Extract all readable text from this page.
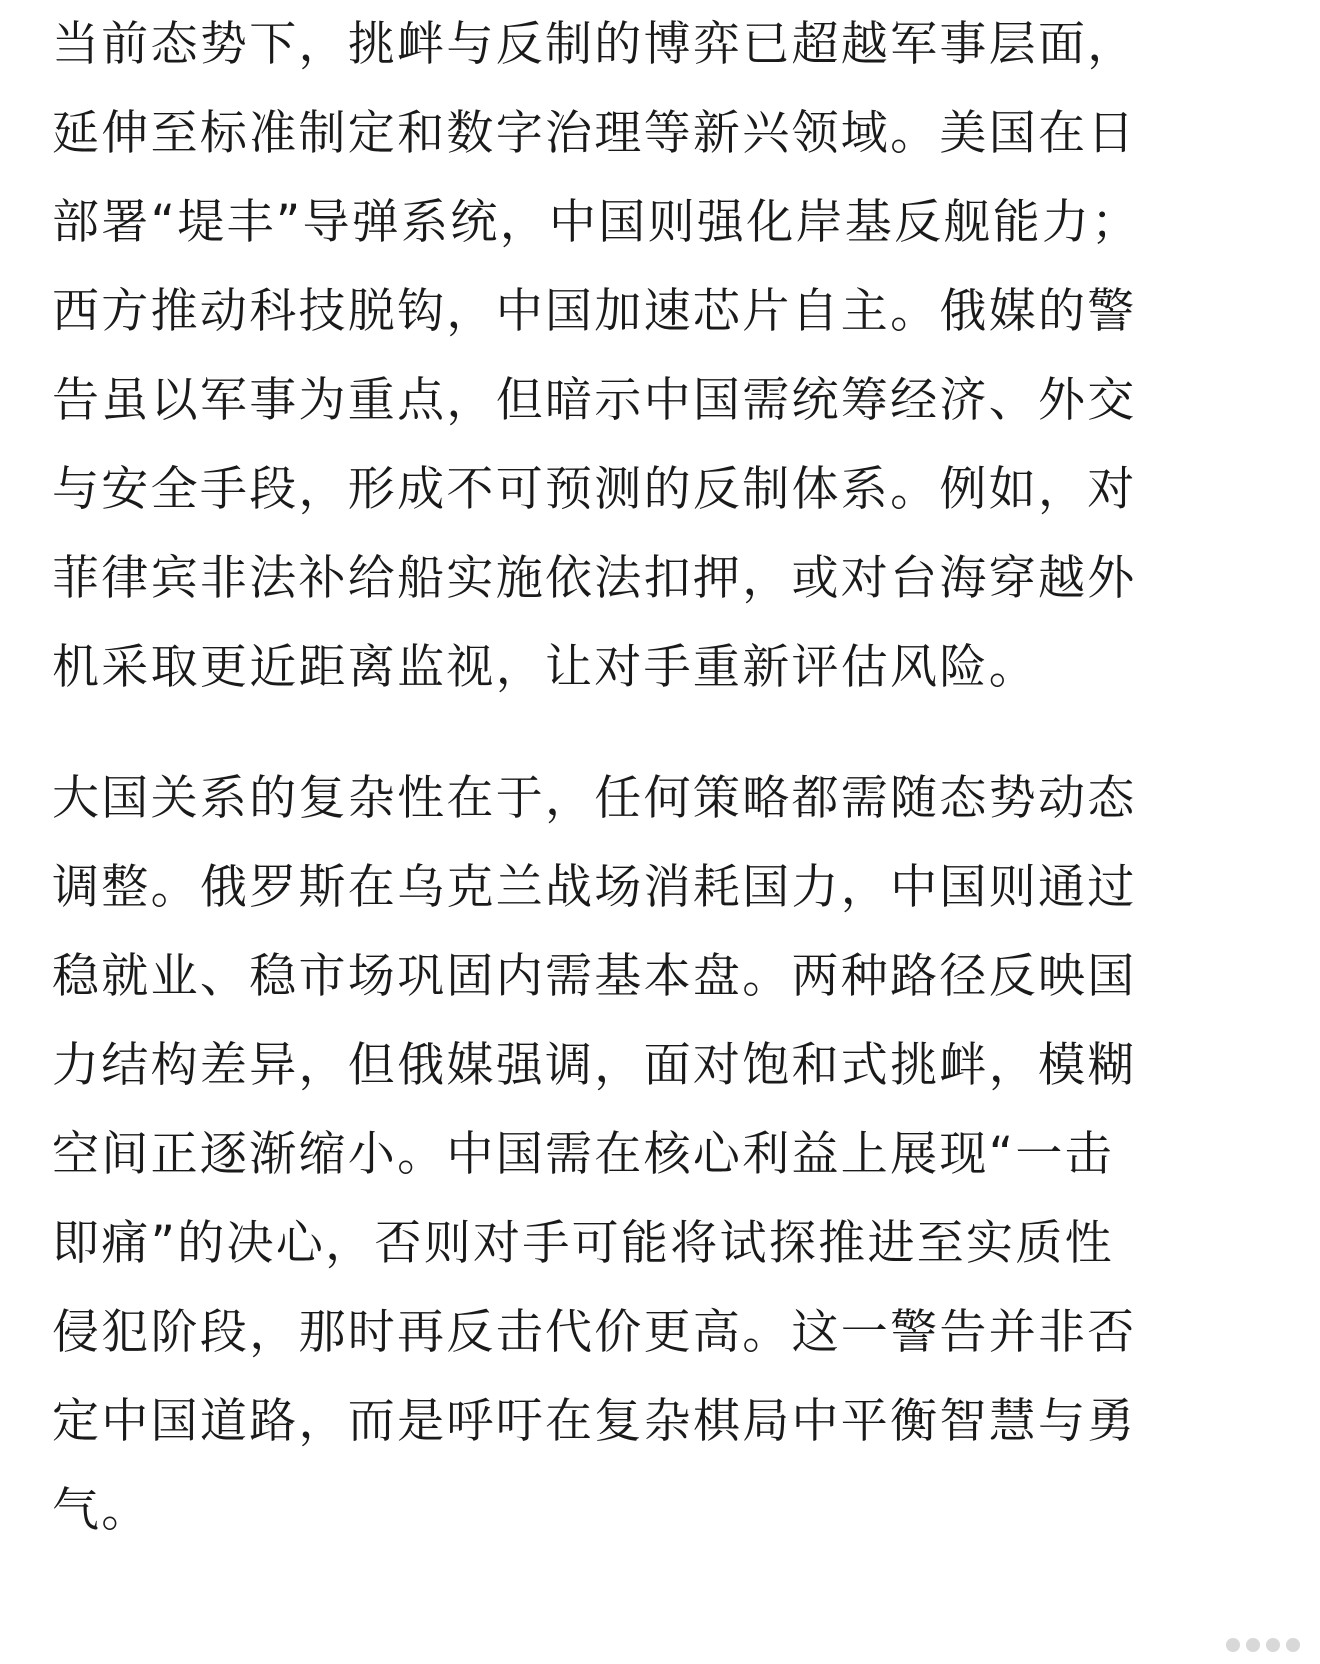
当前态势下，挑衅与反制的博弈已超越军事层面，
延伸至标准制定和数字治理等新兴领域。美国在日
部署“堤丰”导弹系统，中国则强化岸基反舰能力；
西方推动科技脱钩，中国加速芯片自主。俄媒的警
告虽以军事为重点，但暗示中国需统筹经济、外交
与安全手段，形成不可预测的反制体系。例如，对
菲律宾非法补给船实施依法扣押，或对台海穿越外
机采取更近距离监视，让对手重新评估风险。
大国关系的复杂性在于，任何策略都需随态势动态
调整。俄罗斯在乌克兰战场消耗国力，中国则通过
稳就业、稳市场巩固内需基本盘。两种路径反映国
力结构差异，但俄媒强调，面对饱和式挑衅，模糊
空间正逐渐缩小。中国需在核心利益上展现“一击
即痛”的决心，否则对手可能将试探推进至实质性
侵犯阶段，那时再反击代价更高。这一警告并非否
定中国道路，而是呼吁在复杂棋局中平衡智慧与勇
气。
